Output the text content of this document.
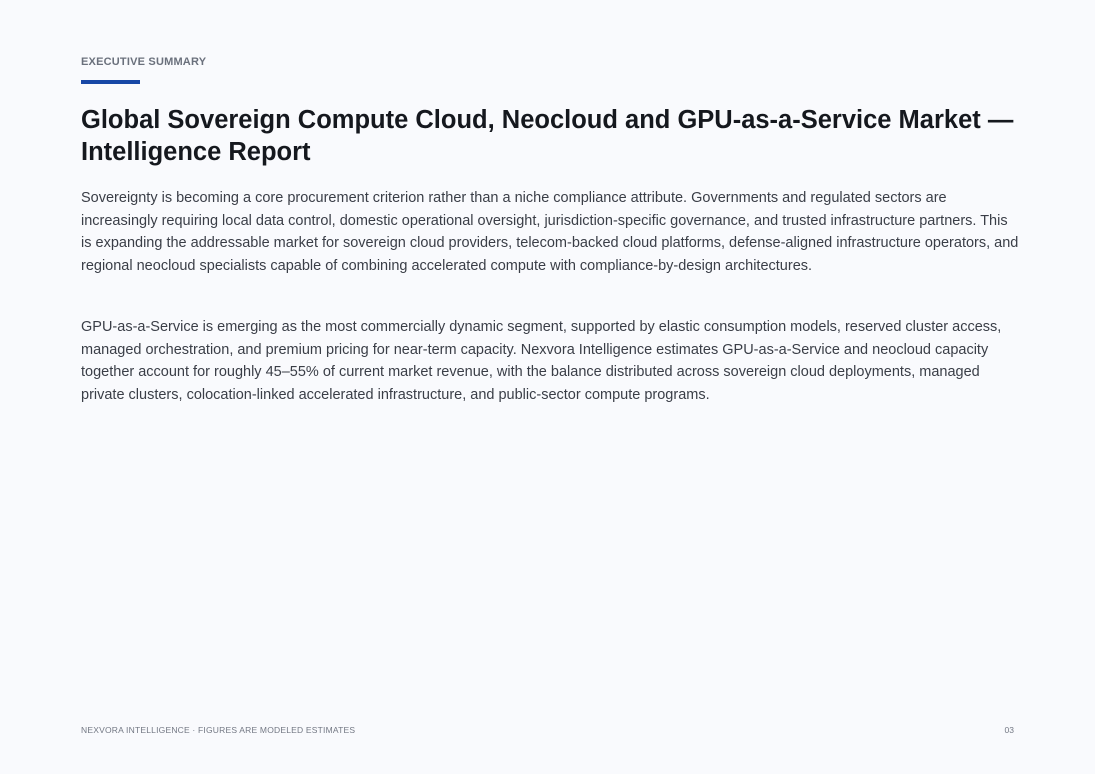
EXECUTIVE SUMMARY
Global Sovereign Compute Cloud, Neocloud and GPU-as-a-Service Market — Intelligence Report

Sovereignty is becoming a core procurement criterion rather than a niche compliance attribute. Governments and regulated sectors are increasingly requiring local data control, domestic operational oversight, jurisdiction-specific governance, and trusted infrastructure partners. This is expanding the addressable market for sovereign cloud providers, telecom-backed cloud platforms, defense-aligned infrastructure operators, and regional neocloud specialists capable of combining accelerated compute with compliance-by-design architectures.

GPU-as-a-Service is emerging as the most commercially dynamic segment, supported by elastic consumption models, reserved cluster access, managed orchestration, and premium pricing for near-term capacity. Nexvora Intelligence estimates GPU-as-a-Service and neocloud capacity together account for roughly 45–55% of current market revenue, with the balance distributed across sovereign cloud deployments, managed private clusters, colocation-linked accelerated infrastructure, and public-sector compute programs.

NEXVORA INTELLIGENCE · FIGURES ARE MODELED ESTIMATES	03
